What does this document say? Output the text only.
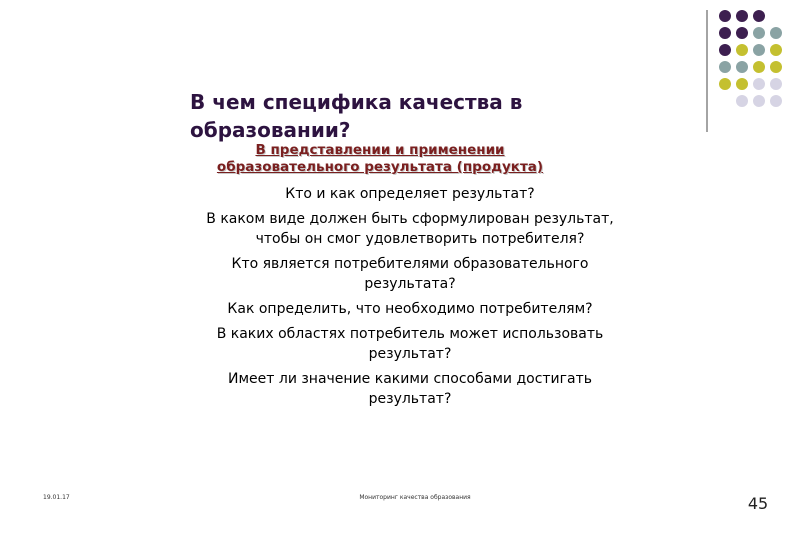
В чем специфика качества в
образовании?
В представлении и применении
образовательного результата (продукта)

Кто и как определяет результат?

В каком виде должен быть сформулирован результат,
чтобы он смог удовлетворить потребителя?

Кто является потребителями образовательного
результата?

Как определить, что необходимо потребителям?

В каких областях потребитель может использовать
результат?

Имеет ли значение какими способами достигать
результат?

19.01.17	Мониторинг качества образования	45
